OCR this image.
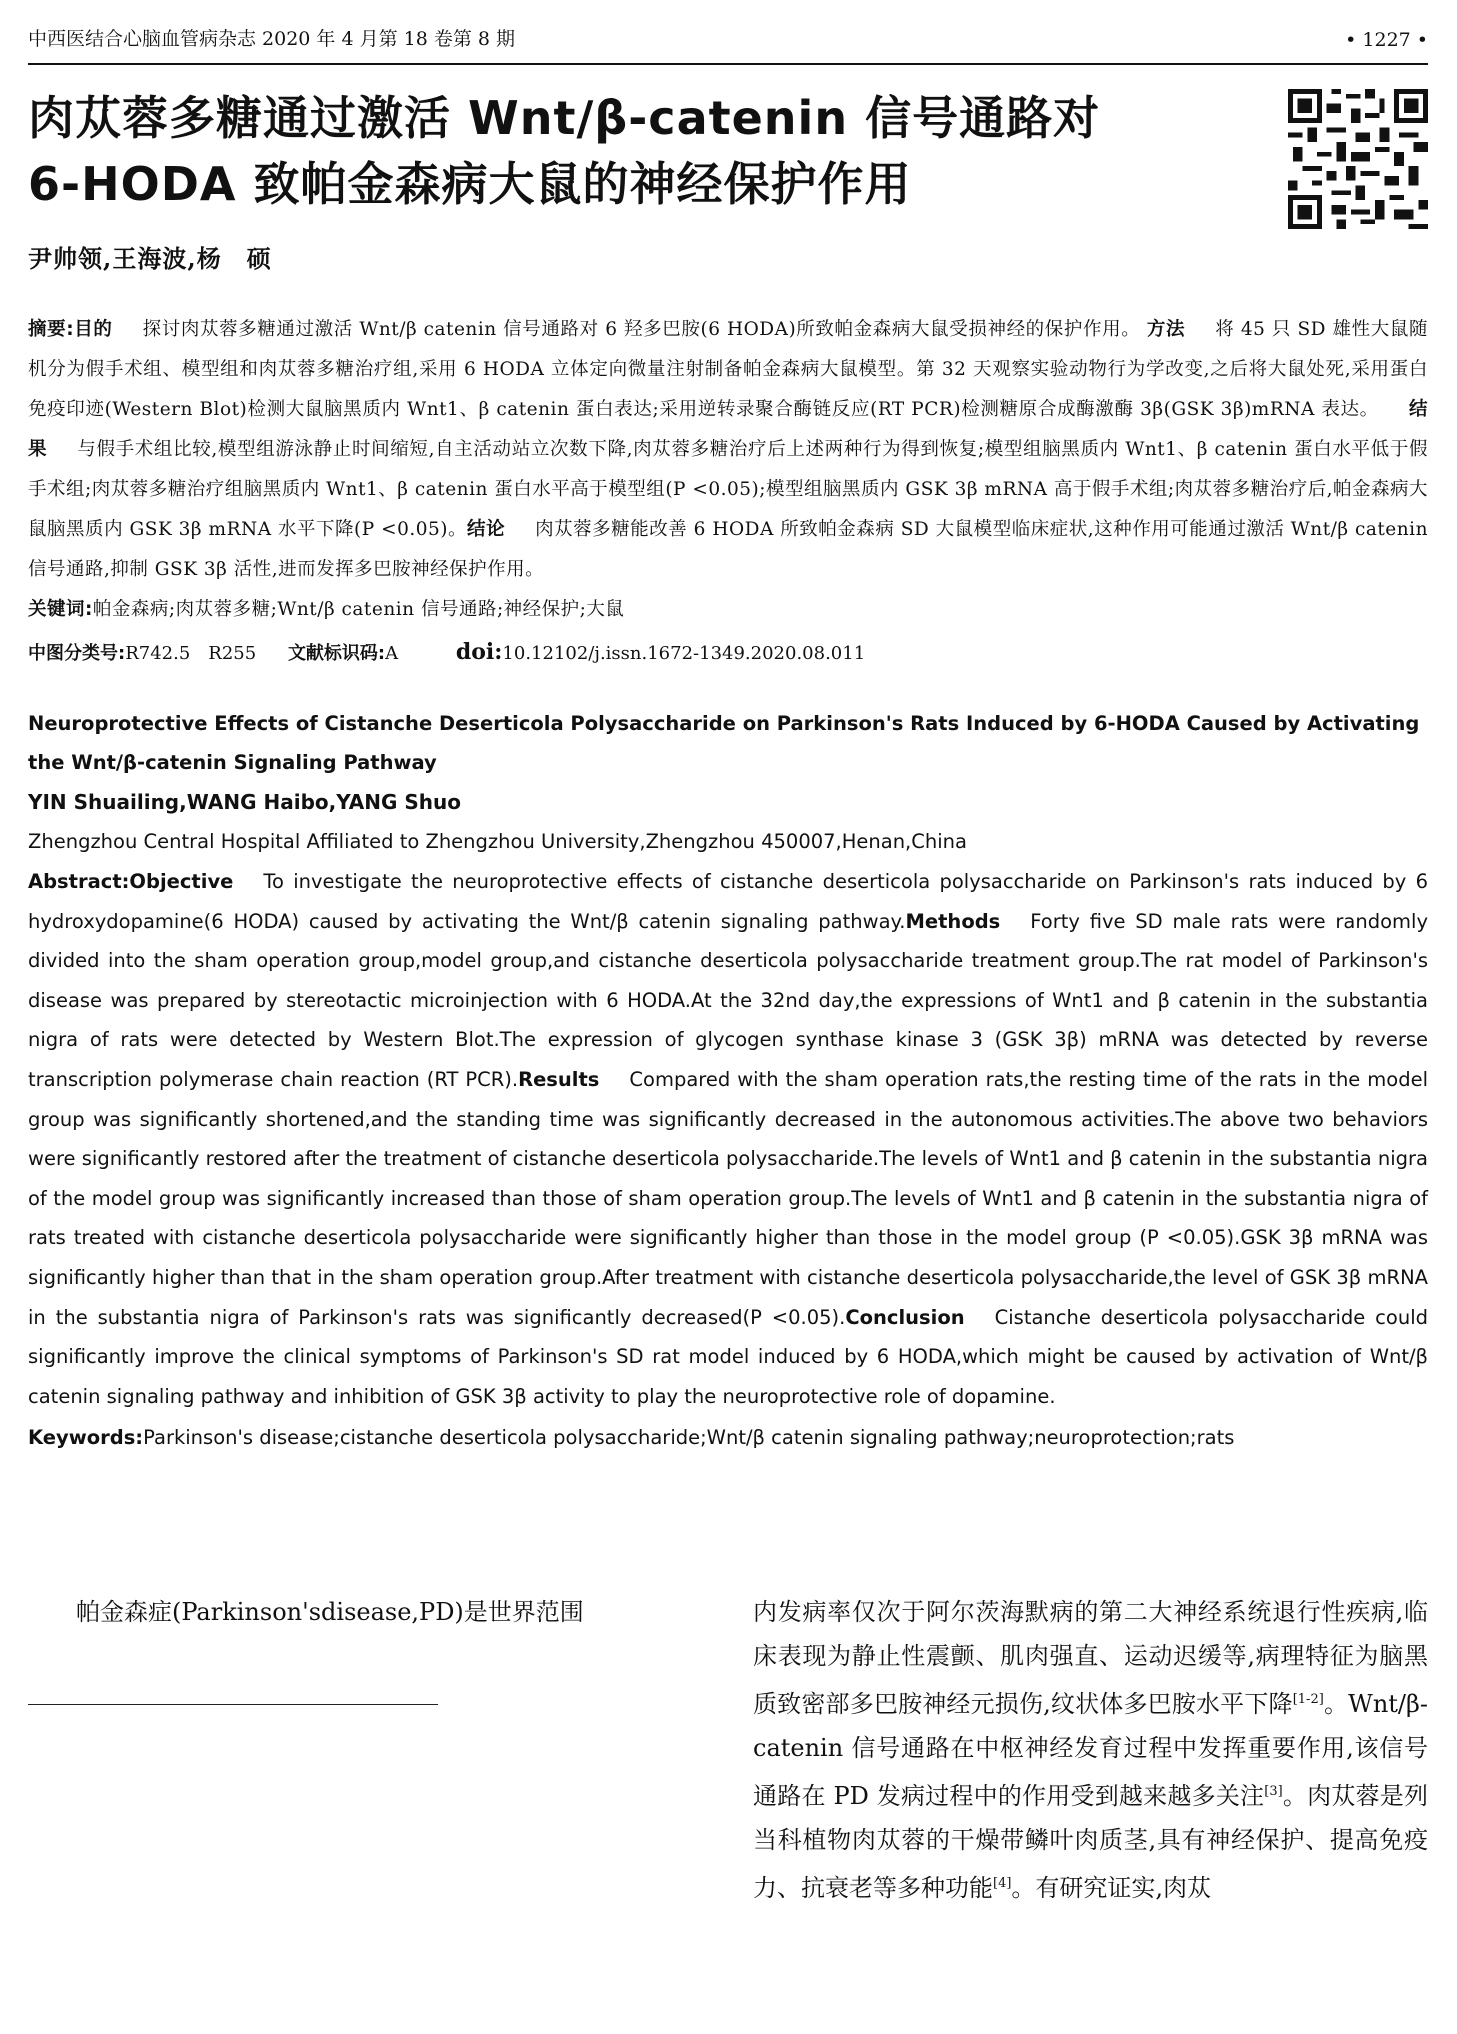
中西医结合心脑血管病杂志 2020 年 4 月第 18 卷第 8 期	• 1227 •
肉苁蓉多糖通过激活 Wnt/β-catenin 信号通路对
6-HODA 致帕金森病大鼠的神经保护作用
尹帅领,王海波,杨　硕
摘要:目的 探讨肉苁蓉多糖通过激活 Wnt/β catenin 信号通路对 6 羟多巴胺(6 HODA)所致帕金森病大鼠受损神经的保护作用。 方法 将 45 只 SD 雄性大鼠随机分为假手术组、模型组和肉苁蓉多糖治疗组,采用 6 HODA 立体定向微量注射制备帕金森病大鼠模型。第 32 天观察实验动物行为学改变,之后将大鼠处死,采用蛋白免疫印迹(Western Blot)检测大鼠脑黑质内 Wnt1、β catenin 蛋白表达;采用逆转录聚合酶链反应(RT PCR)检测糖原合成酶激酶 3β(GSK 3β)mRNA 表达。 结果 与假手术组比较,模型组游泳静止时间缩短,自主活动站立次数下降,肉苁蓉多糖治疗后上述两种行为得到恢复;模型组脑黑质内 Wnt1、β catenin 蛋白水平低于假手术组;肉苁蓉多糖治疗组脑黑质内 Wnt1、β catenin 蛋白水平高于模型组(P <0.05);模型组脑黑质内 GSK 3β mRNA 高于假手术组;肉苁蓉多糖治疗后,帕金森病大鼠脑黑质内 GSK 3β mRNA 水平下降(P <0.05)。结论 肉苁蓉多糖能改善 6 HODA 所致帕金森病 SD 大鼠模型临床症状,这种作用可能通过激活 Wnt/β catenin 信号通路,抑制 GSK 3β 活性,进而发挥多巴胺神经保护作用。
关键词:帕金森病;肉苁蓉多糖;Wnt/β catenin 信号通路;神经保护;大鼠
中图分类号:R742.5　R255 文献标识码:A	doi:10.12102/j.issn.1672-1349.2020.08.011
Neuroprotective Effects of Cistanche Deserticola Polysaccharide on Parkinson's Rats Induced by 6-HODA Caused by Activating the Wnt/β-catenin Signaling Pathway
YIN Shuailing,WANG Haibo,YANG Shuo
Zhengzhou Central Hospital Affiliated to Zhengzhou University,Zhengzhou 450007,Henan,China
Abstract:Objective To investigate the neuroprotective effects of cistanche deserticola polysaccharide on Parkinson's rats induced by 6 hydroxydopamine(6 HODA) caused by activating the Wnt/β catenin signaling pathway.Methods Forty five SD male rats were randomly divided into the sham operation group,model group,and cistanche deserticola polysaccharide treatment group.The rat model of Parkinson's disease was prepared by stereotactic microinjection with 6 HODA.At the 32nd day,the expressions of Wnt1 and β catenin in the substantia nigra of rats were detected by Western Blot.The expression of glycogen synthase kinase 3 (GSK 3β) mRNA was detected by reverse transcription polymerase chain reaction (RT PCR).Results Compared with the sham operation rats,the resting time of the rats in the model group was significantly shortened,and the standing time was significantly decreased in the autonomous activities.The above two behaviors were significantly restored after the treatment of cistanche deserticola polysaccharide.The levels of Wnt1 and β catenin in the substantia nigra of the model group was significantly increased than those of sham operation group.The levels of Wnt1 and β catenin in the substantia nigra of rats treated with cistanche deserticola polysaccharide were significantly higher than those in the model group (P <0.05).GSK 3β mRNA was significantly higher than that in the sham operation group.After treatment with cistanche deserticola polysaccharide,the level of GSK 3β mRNA in the substantia nigra of Parkinson's rats was significantly decreased(P <0.05).Conclusion Cistanche deserticola polysaccharide could significantly improve the clinical symptoms of Parkinson's SD rat model induced by 6 HODA,which might be caused by activation of Wnt/β catenin signaling pathway and inhibition of GSK 3β activity to play the neuroprotective role of dopamine.
Keywords:Parkinson's disease;cistanche deserticola polysaccharide;Wnt/β catenin signaling pathway;neuroprotection;rats

帕金森症(Parkinson'sdisease,PD)是世界范围	内发病率仅次于阿尔茨海默病的第二大神经系统退行性疾病,临床表现为静止性震颤、肌肉强直、运动迟缓等,病理特征为脑黑质致密部多巴胺神经元损伤,纹状体多巴胺水平下降[1-2]。Wnt/β-catenin 信号通路在中枢神经发育过程中发挥重要作用,该信号通路在 PD 发病过程中的作用受到越来越多关注[3]。肉苁蓉是列当科植物肉苁蓉的干燥带鳞叶肉质茎,具有神经保护、提高免疫力、抗衰老等多种功能[4]。有研究证实,肉苁
